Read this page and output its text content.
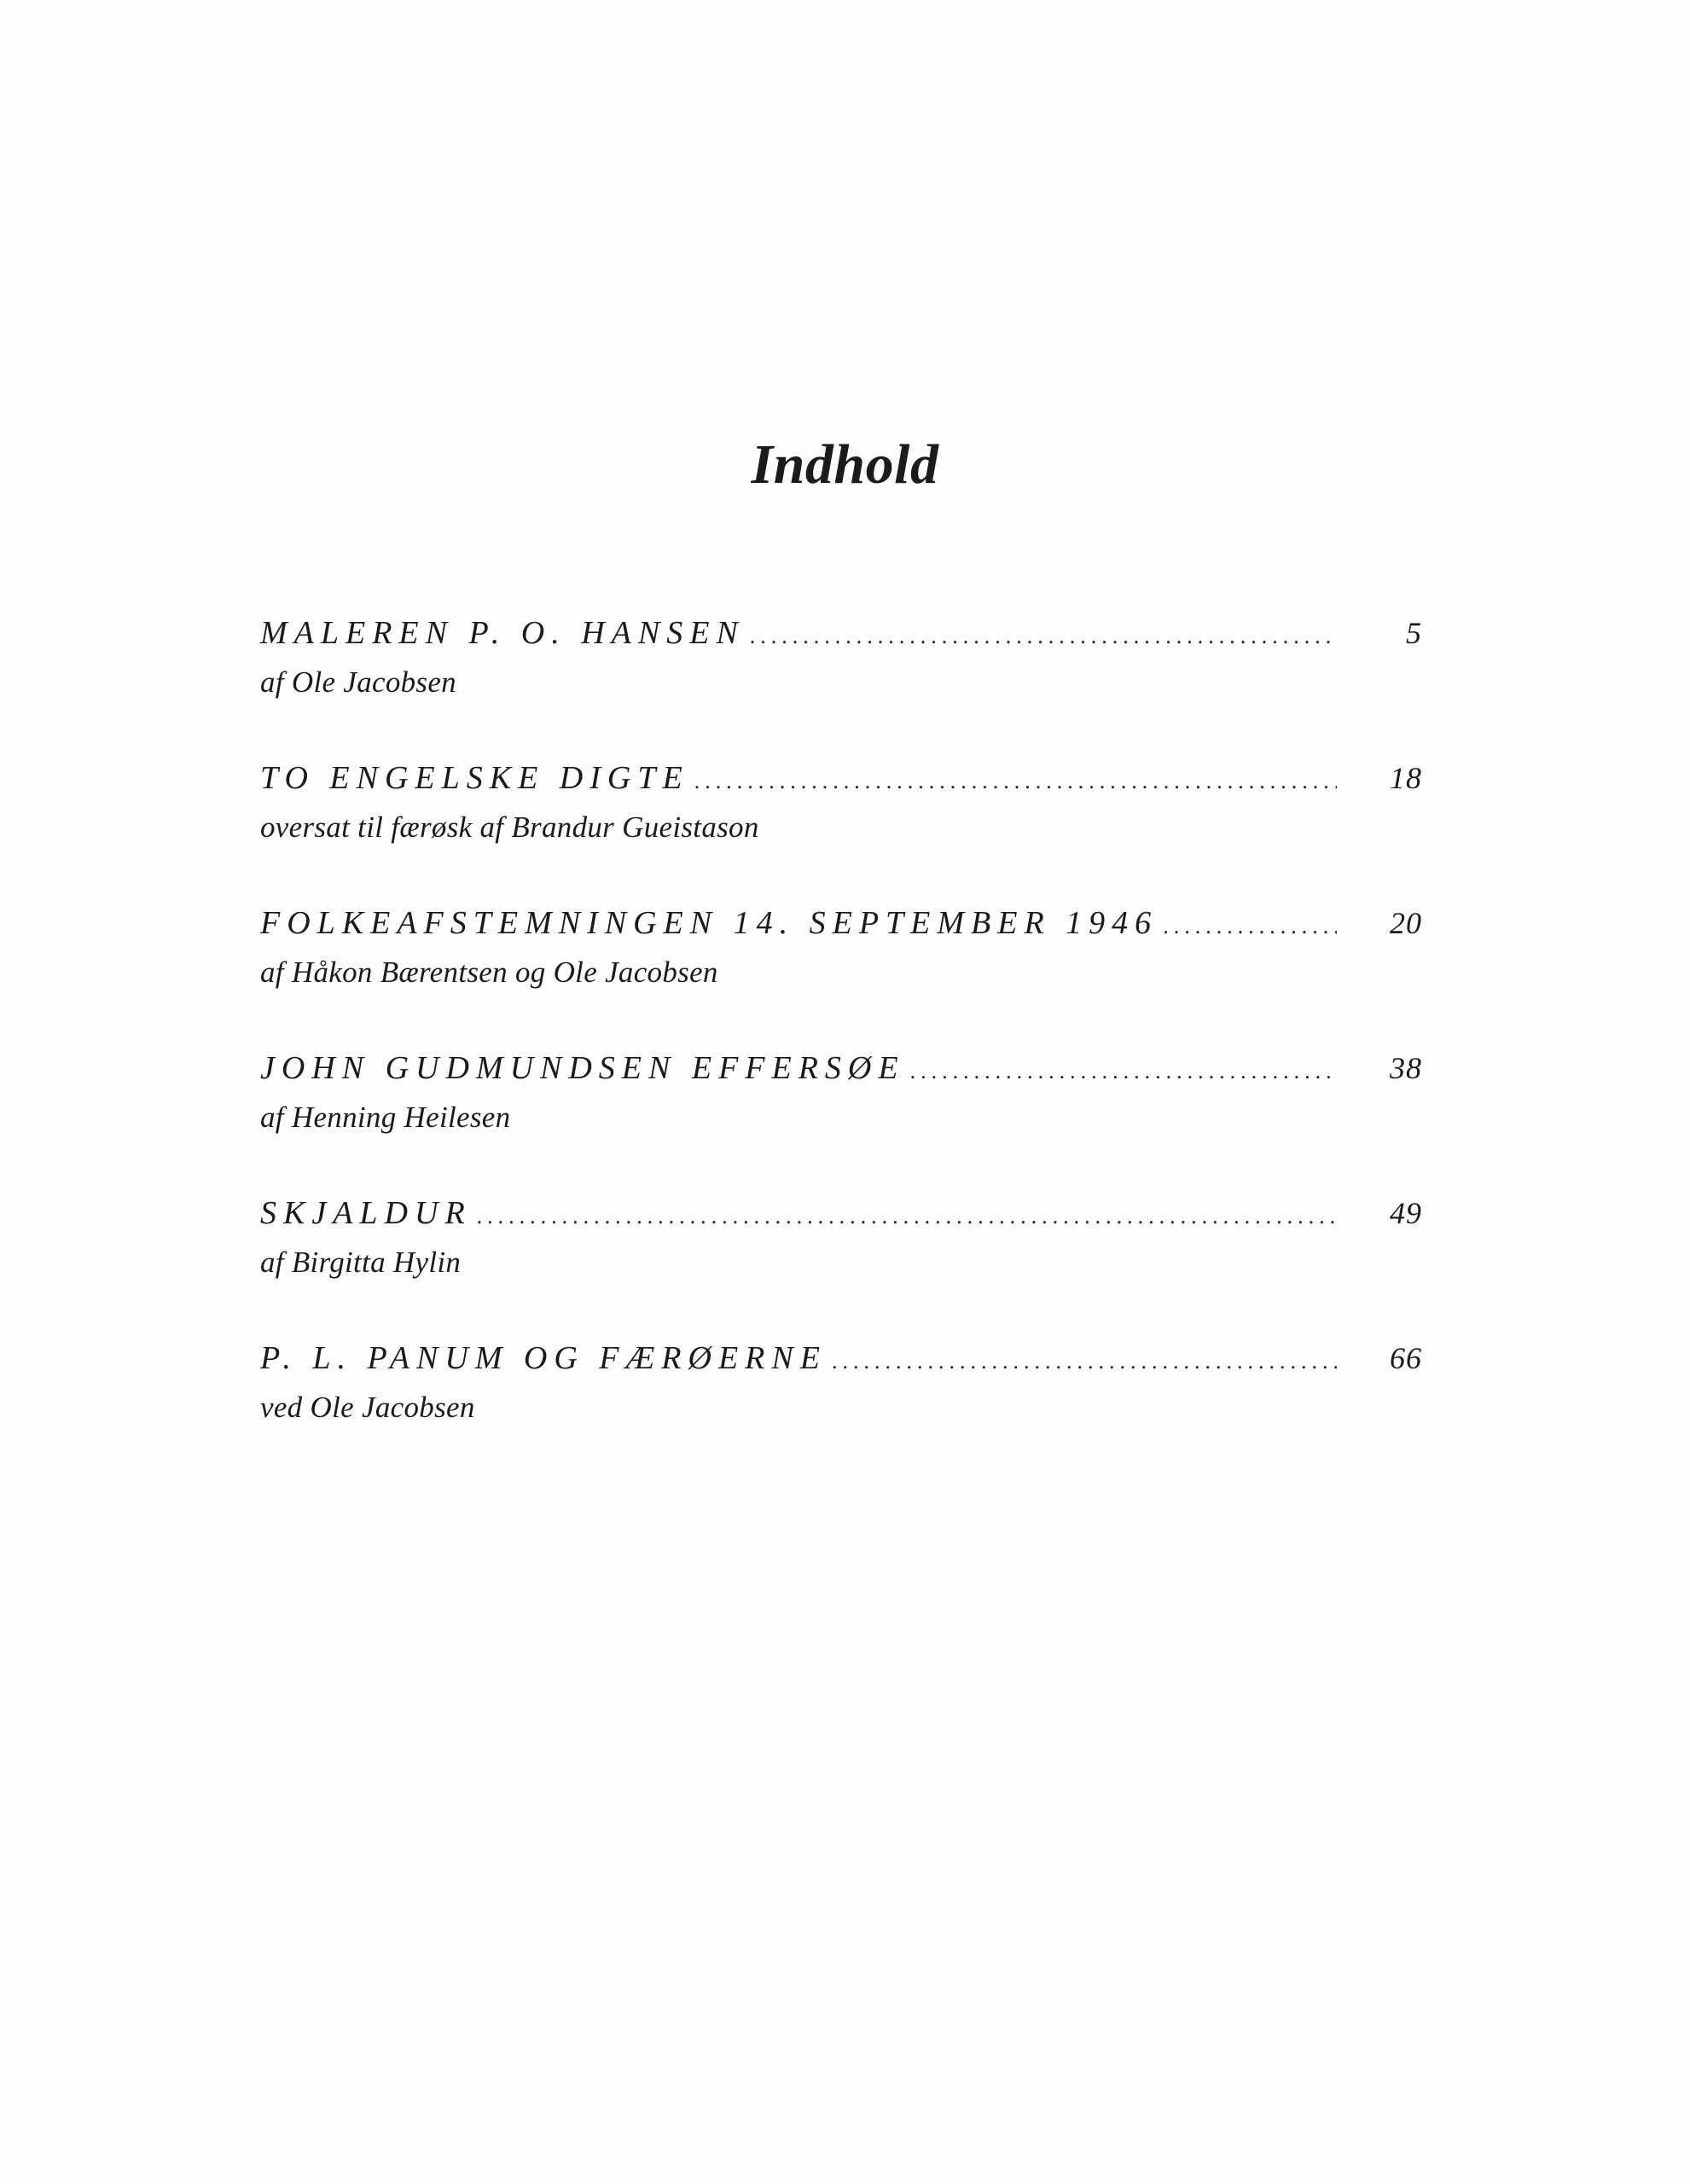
Indhold
MALEREN P. O. HANSEN .....	5
af Ole Jacobsen
TO ENGELSKE DIGTE .....	18
oversat til færøsk af Brandur Gueistason
FOLKEAFSTEMNINGEN 14. SEPTEMBER 1946 .....	20
af Håkon Bærentsen og Ole Jacobsen
JOHN GUDMUNDSEN EFFERSØE .....	38
af Henning Heilesen
SKJALDUR .....	49
af Birgitta Hylin
P. L. PANUM OG FÆRØERNE .....	66
ved Ole Jacobsen
